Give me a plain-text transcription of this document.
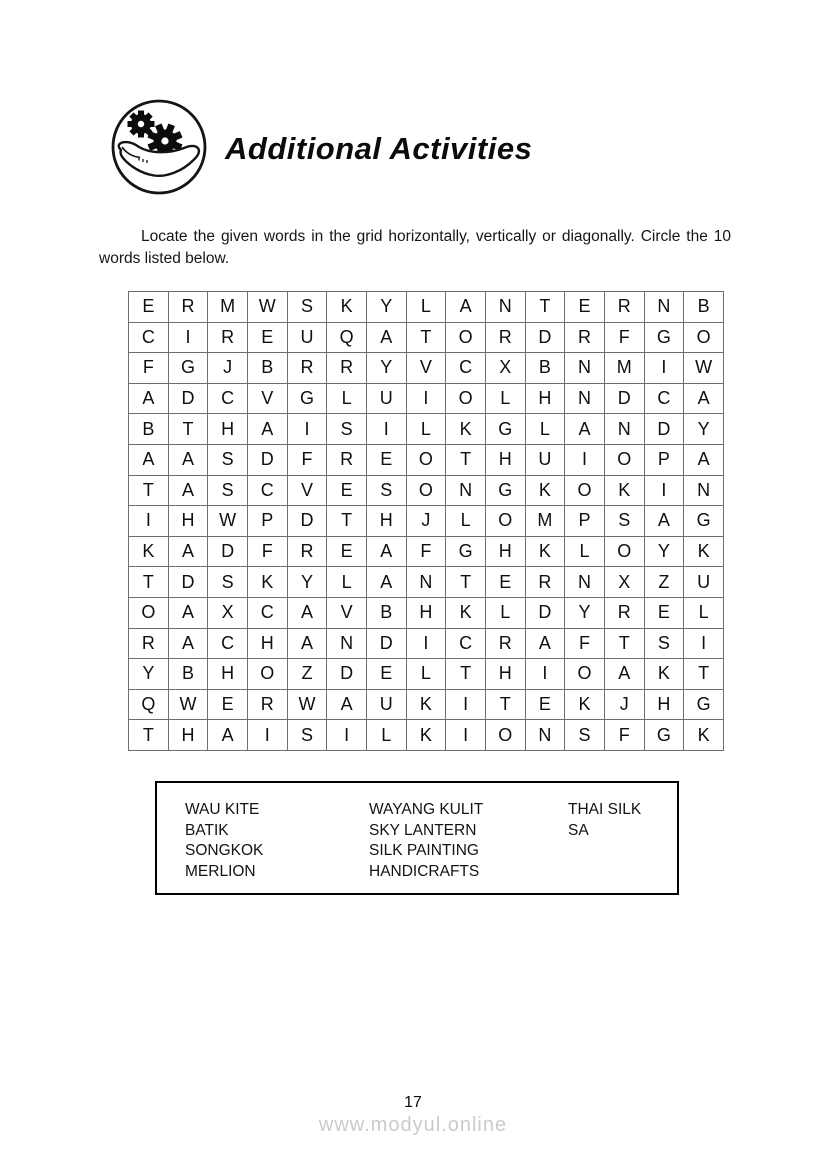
Additional Activities

Locate the given words in the grid horizontally, vertically or diagonally. Circle the 10 words listed below.

E	R	M	W	S	K	Y	L	A	N	T	E	R	N	B
C	I	R	E	U	Q	A	T	O	R	D	R	F	G	O
F	G	J	B	R	R	Y	V	C	X	B	N	M	I	W
A	D	C	V	G	L	U	I	O	L	H	N	D	C	A
B	T	H	A	I	S	I	L	K	G	L	A	N	D	Y
A	A	S	D	F	R	E	O	T	H	U	I	O	P	A
T	A	S	C	V	E	S	O	N	G	K	O	K	I	N
I	H	W	P	D	T	H	J	L	O	M	P	S	A	G
K	A	D	F	R	E	A	F	G	H	K	L	O	Y	K
T	D	S	K	Y	L	A	N	T	E	R	N	X	Z	U
O	A	X	C	A	V	B	H	K	L	D	Y	R	E	L
R	A	C	H	A	N	D	I	C	R	A	F	T	S	I
Y	B	H	O	Z	D	E	L	T	H	I	O	A	K	T
Q	W	E	R	W	A	U	K	I	T	E	K	J	H	G
T	H	A	I	S	I	L	K	I	O	N	S	F	G	K
WAU KITE
BATIK
SONGKOK
MERLION
WAYANG KULIT
SKY LANTERN
SILK PAINTING
HANDICRAFTS
THAI SILK
SA
17
www.modyul.online
